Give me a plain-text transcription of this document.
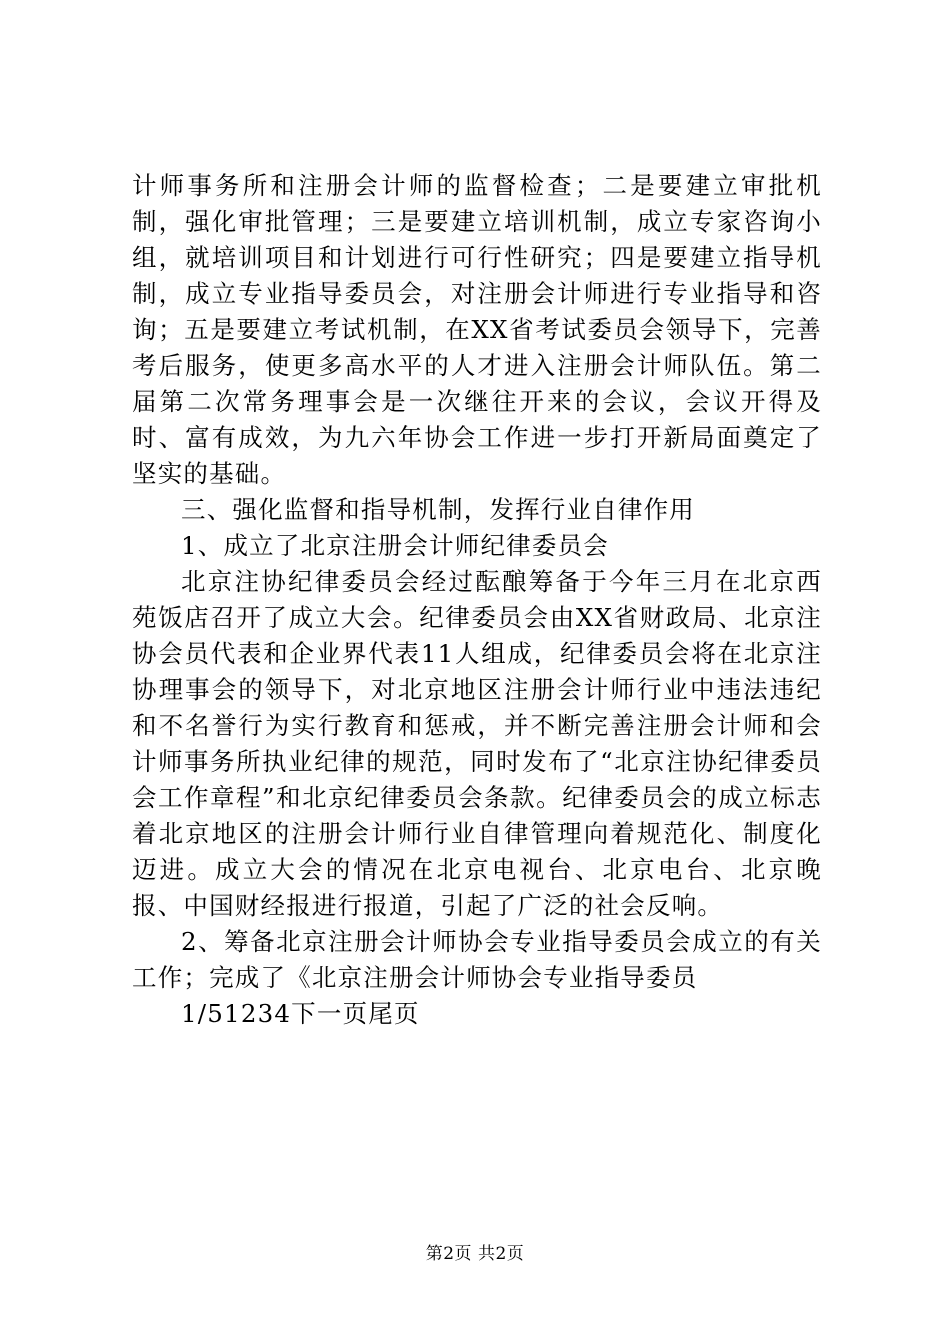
计师事务所和注册会计师的监督检查；二是要建立审批机制，强化审批管理；三是要建立培训机制，成立专家咨询小组，就培训项目和计划进行可行性研究；四是要建立指导机制，成立专业指导委员会，对注册会计师进行专业指导和咨询；五是要建立考试机制，在XX省考试委员会领导下，完善考后服务，使更多高水平的人才进入注册会计师队伍。第二届第二次常务理事会是一次继往开来的会议，会议开得及时、富有成效，为九六年协会工作进一步打开新局面奠定了坚实的基础。

三、强化监督和指导机制，发挥行业自律作用

1、成立了北京注册会计师纪律委员会

北京注协纪律委员会经过酝酿筹备于今年三月在北京西苑饭店召开了成立大会。纪律委员会由XX省财政局、北京注协会员代表和企业界代表11人组成，纪律委员会将在北京注协理事会的领导下，对北京地区注册会计师行业中违法违纪和不名誉行为实行教育和惩戒，并不断完善注册会计师和会计师事务所执业纪律的规范，同时发布了“北京注协纪律委员会工作章程”和北京纪律委员会条款。纪律委员会的成立标志着北京地区的注册会计师行业自律管理向着规范化、制度化迈进。成立大会的情况在北京电视台、北京电台、北京晚报、中国财经报进行报道，引起了广泛的社会反响。

2、筹备北京注册会计师协会专业指导委员会成立的有关工作；完成了《北京注册会计师协会专业指导委员

1/51234下一页尾页

第2页 共2页
